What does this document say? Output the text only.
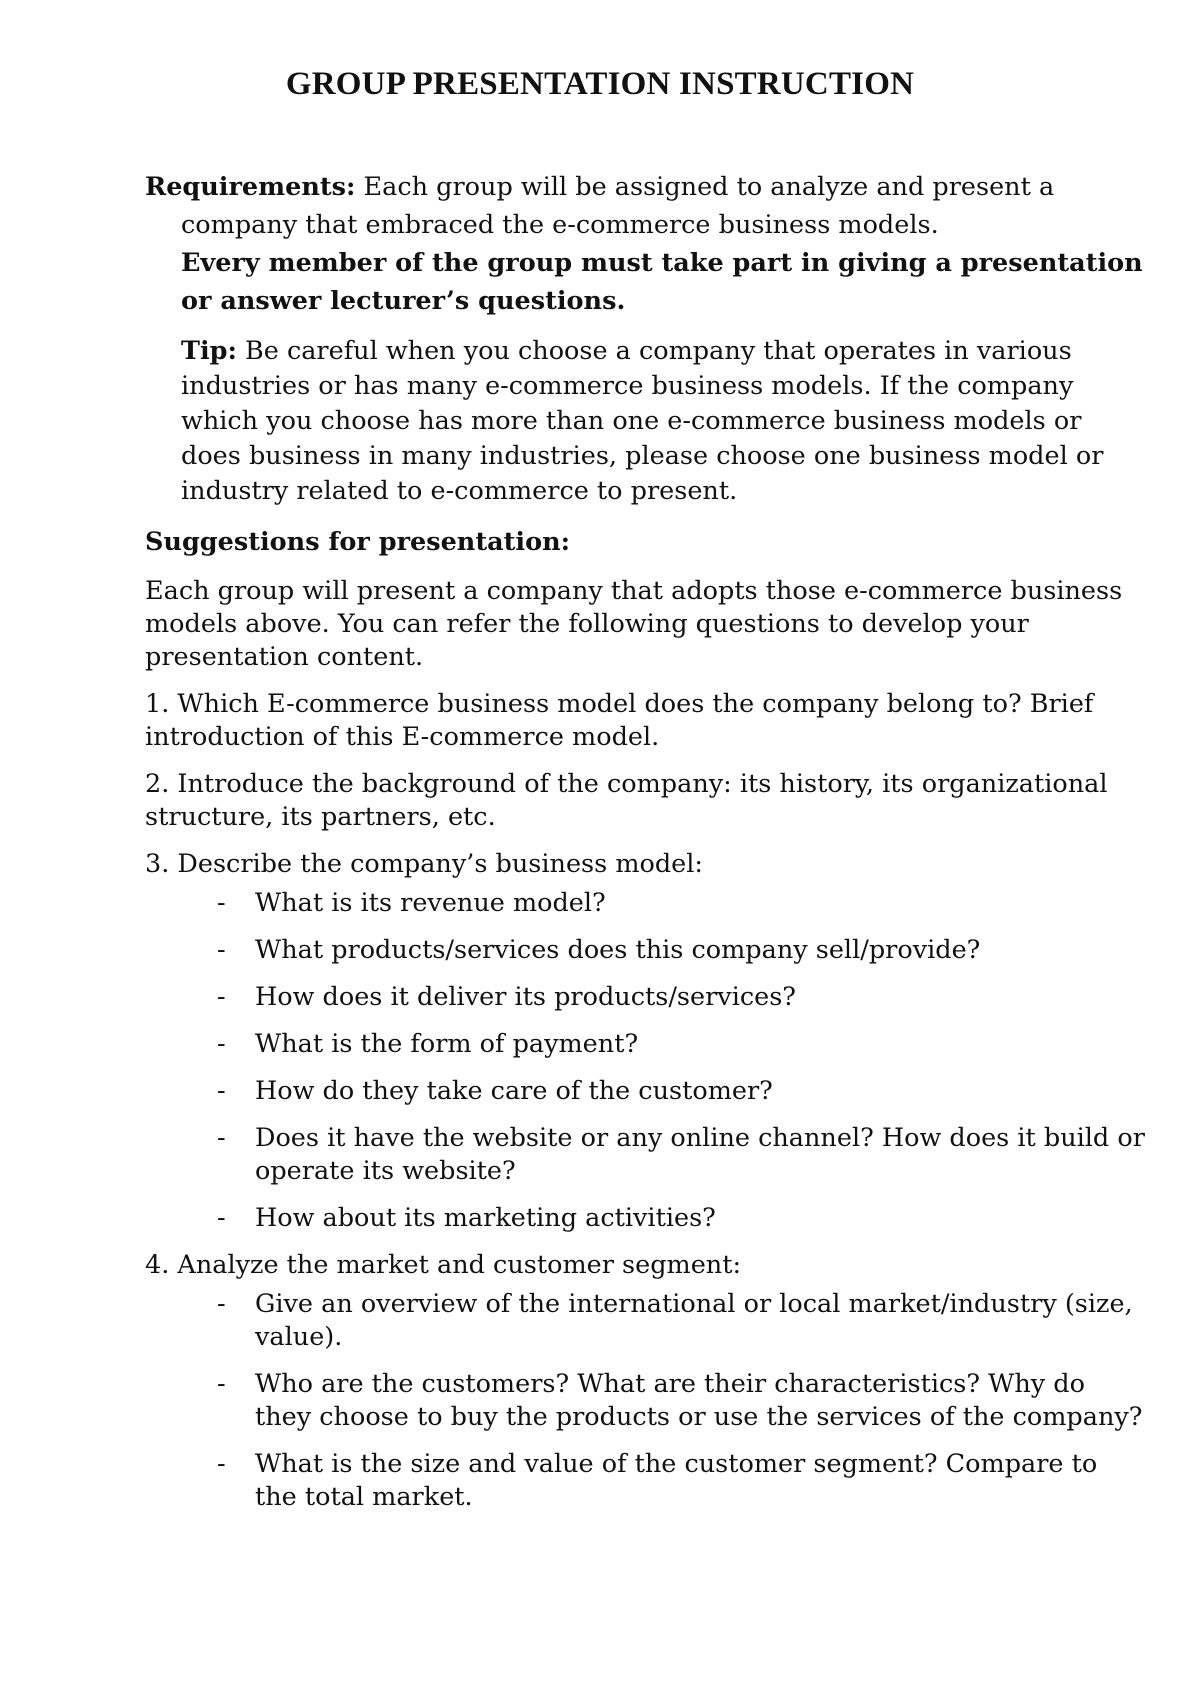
GROUP PRESENTATION INSTRUCTION

Requirements: Each group will be assigned to analyze and present a company that embraced the e-commerce business models.

Every member of the group must take part in giving a presentation or answer lecturer’s questions.

Tip: Be careful when you choose a company that operates in various industries or has many e-commerce business models. If the company which you choose has more than one e-commerce business models or does business in many industries, please choose one business model or industry related to e-commerce to present.

Suggestions for presentation:

Each group will present a company that adopts those e-commerce business models above. You can refer the following questions to develop your presentation content.

1. Which E-commerce business model does the company belong to? Brief introduction of this E-commerce model.

2. Introduce the background of the company: its history, its organizational structure, its partners, etc.

3. Describe the company’s business model:

- What is its revenue model?
- What products/services does this company sell/provide?
- How does it deliver its products/services?
- What is the form of payment?
- How do they take care of the customer?
- Does it have the website or any online channel? How does it build or operate its website?
- How about its marketing activities?

4. Analyze the market and customer segment:

- Give an overview of the international or local market/industry (size, value).
- Who are the customers? What are their characteristics? Why do they choose to buy the products or use the services of the company?
- What is the size and value of the customer segment? Compare to the total market.
